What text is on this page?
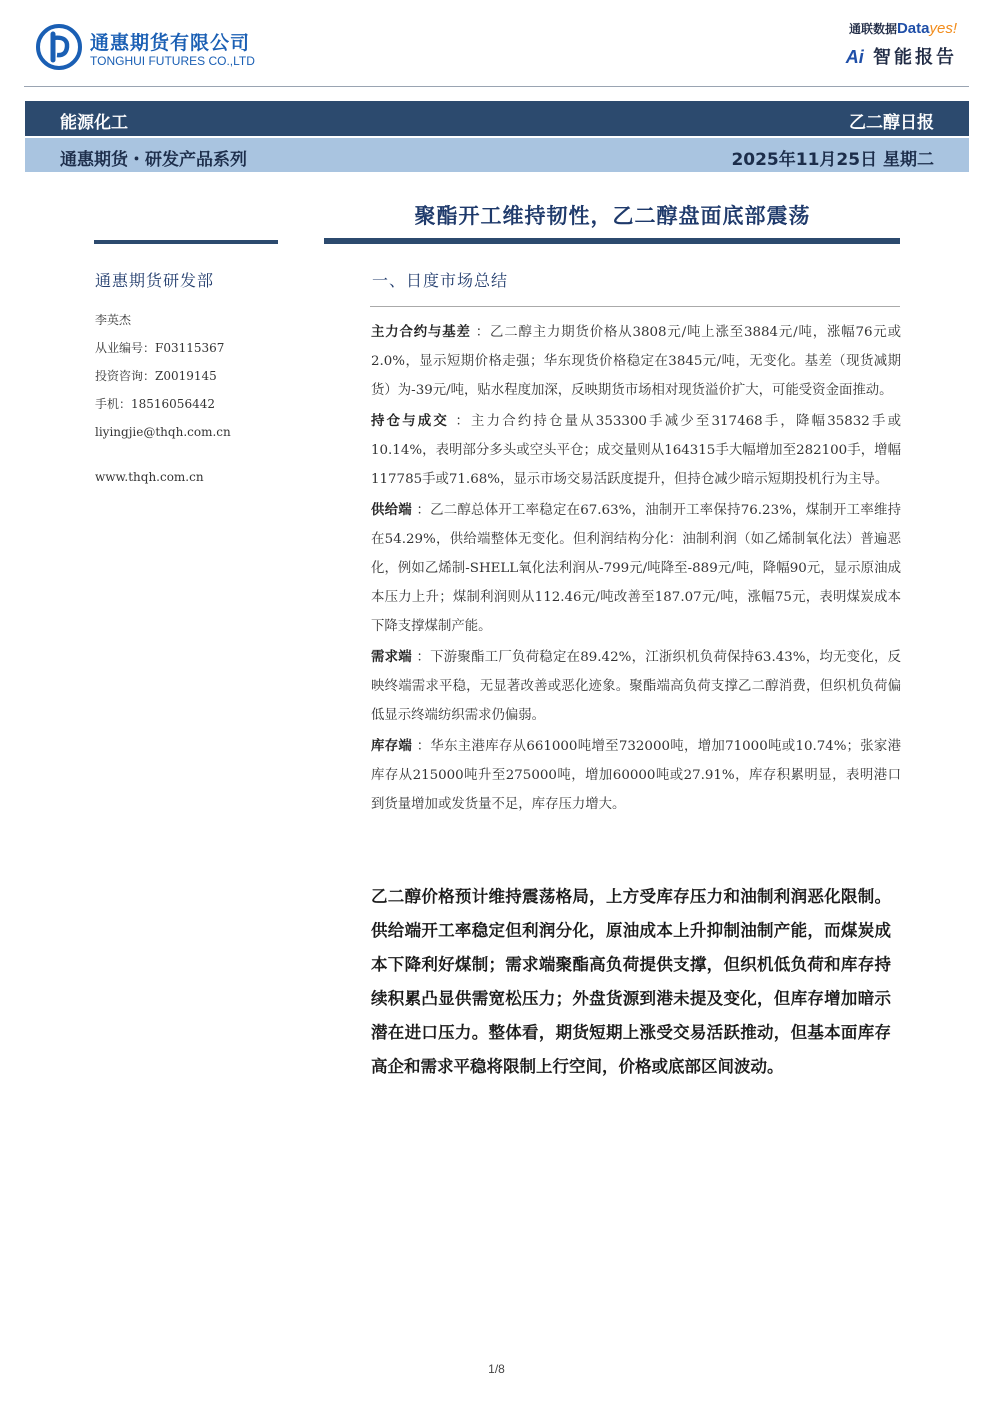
通惠期货有限公司
TONGHUI FUTURES CO.,LTD
通联数据Datayes!
Ai 智能报告
能源化工	乙二醇日报
通惠期货・研发产品系列	2025年11月25日 星期二
聚酯开工维持韧性，乙二醇盘面底部震荡
通惠期货研发部
李英杰
从业编号：F03115367
投资咨询：Z0019145
手机：18516056442
liyingjie@thqh.com.cn
www.thqh.com.cn
一、日度市场总结

主力合约与基差 ：乙二醇主力期货价格从3808元/吨上涨至3884元/吨，涨幅76元或2.0%，显示短期价格走强；华东现货价格稳定在3845元/吨，无变化。基差（现货减期货）为-39元/吨，贴水程度加深，反映期货市场相对现货溢价扩大，可能受资金面推动。

持仓与成交 ：主力合约持仓量从353300手减少至317468手，降幅35832手或10.14%，表明部分多头或空头平仓；成交量则从164315手大幅增加至282100手，增幅117785手或71.68%，显示市场交易活跃度提升，但持仓减少暗示短期投机行为主导。

供给端 ：乙二醇总体开工率稳定在67.63%，油制开工率保持76.23%，煤制开工率维持在54.29%，供给端整体无变化。但利润结构分化：油制利润（如乙烯制氧化法）普遍恶化，例如乙烯制-SHELL氧化法利润从-799元/吨降至-889元/吨，降幅90元，显示原油成本压力上升；煤制利润则从112.46元/吨改善至187.07元/吨，涨幅75元，表明煤炭成本下降支撑煤制产能。

需求端 ：下游聚酯工厂负荷稳定在89.42%，江浙织机负荷保持63.43%，均无变化，反映终端需求平稳，无显著改善或恶化迹象。聚酯端高负荷支撑乙二醇消费，但织机负荷偏低显示终端纺织需求仍偏弱。

库存端 ：华东主港库存从661000吨增至732000吨，增加71000吨或10.74%；张家港库存从215000吨升至275000吨，增加60000吨或27.91%，库存积累明显，表明港口到货量增加或发货量不足，库存压力增大。

乙二醇价格预计维持震荡格局，上方受库存压力和油制利润恶化限制。供给端开工率稳定但利润分化，原油成本上升抑制油制产能，而煤炭成本下降利好煤制；需求端聚酯高负荷提供支撑，但织机低负荷和库存持续积累凸显供需宽松压力；外盘货源到港未提及变化，但库存增加暗示潜在进口压力。整体看，期货短期上涨受交易活跃推动，但基本面库存高企和需求平稳将限制上行空间，价格或底部区间波动。
1/8
